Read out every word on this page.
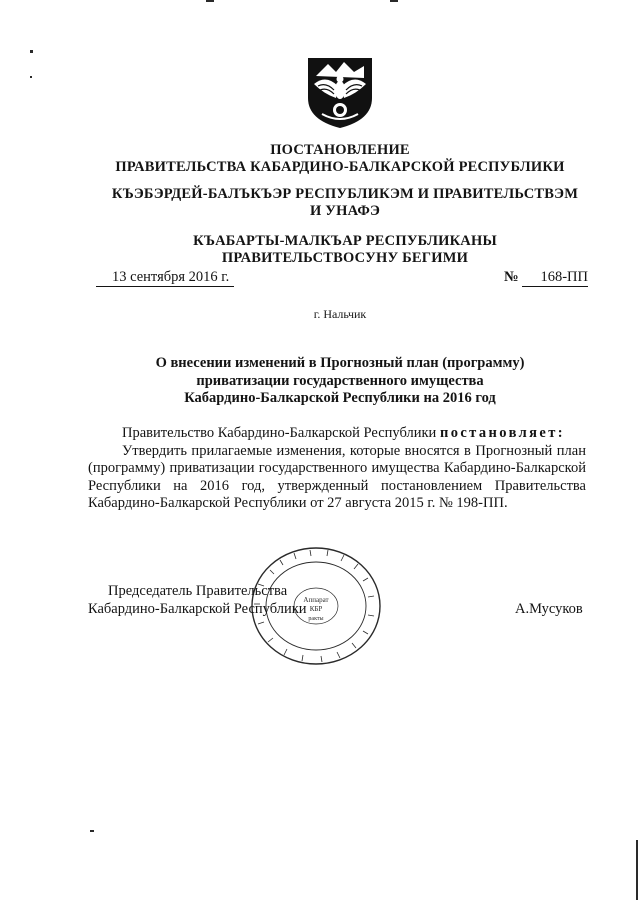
ПОСТАНОВЛЕНИЕ
ПРАВИТЕЛЬСТВА КАБАРДИНО-БАЛКАРСКОЙ РЕСПУБЛИКИ
КЪЭБЭРДЕЙ-БАЛЪКЪЭР РЕСПУБЛИКЭМ И ПРАВИТЕЛЬСТВЭМ И УНАФЭ
КЪАБАРТЫ-МАЛКЪАР РЕСПУБЛИКАНЫ ПРАВИТЕЛЬСТВОСУНУ БЕГИМИ
13 сентября 2016 г.	№	168-ПП
г. Нальчик
О внесении изменений в Прогнозный план (программу)
приватизации государственного имущества
Кабардино-Балкарской Республики на 2016 год

Правительство Кабардино-Балкарской Республики постановляет:

Утвердить прилагаемые изменения, которые вносятся в Прогнозный план (программу) приватизации государственного имущества Кабардино-Балкарской Республики на 2016 год, утвержденный постановлением Правительства Кабардино-Балкарской Республики от 27 августа 2015 г. № 198-ПП.

Аппарат
КБР
ракты
Председатель Правительства
Кабардино-Балкарской Республики	А.Мусуков
